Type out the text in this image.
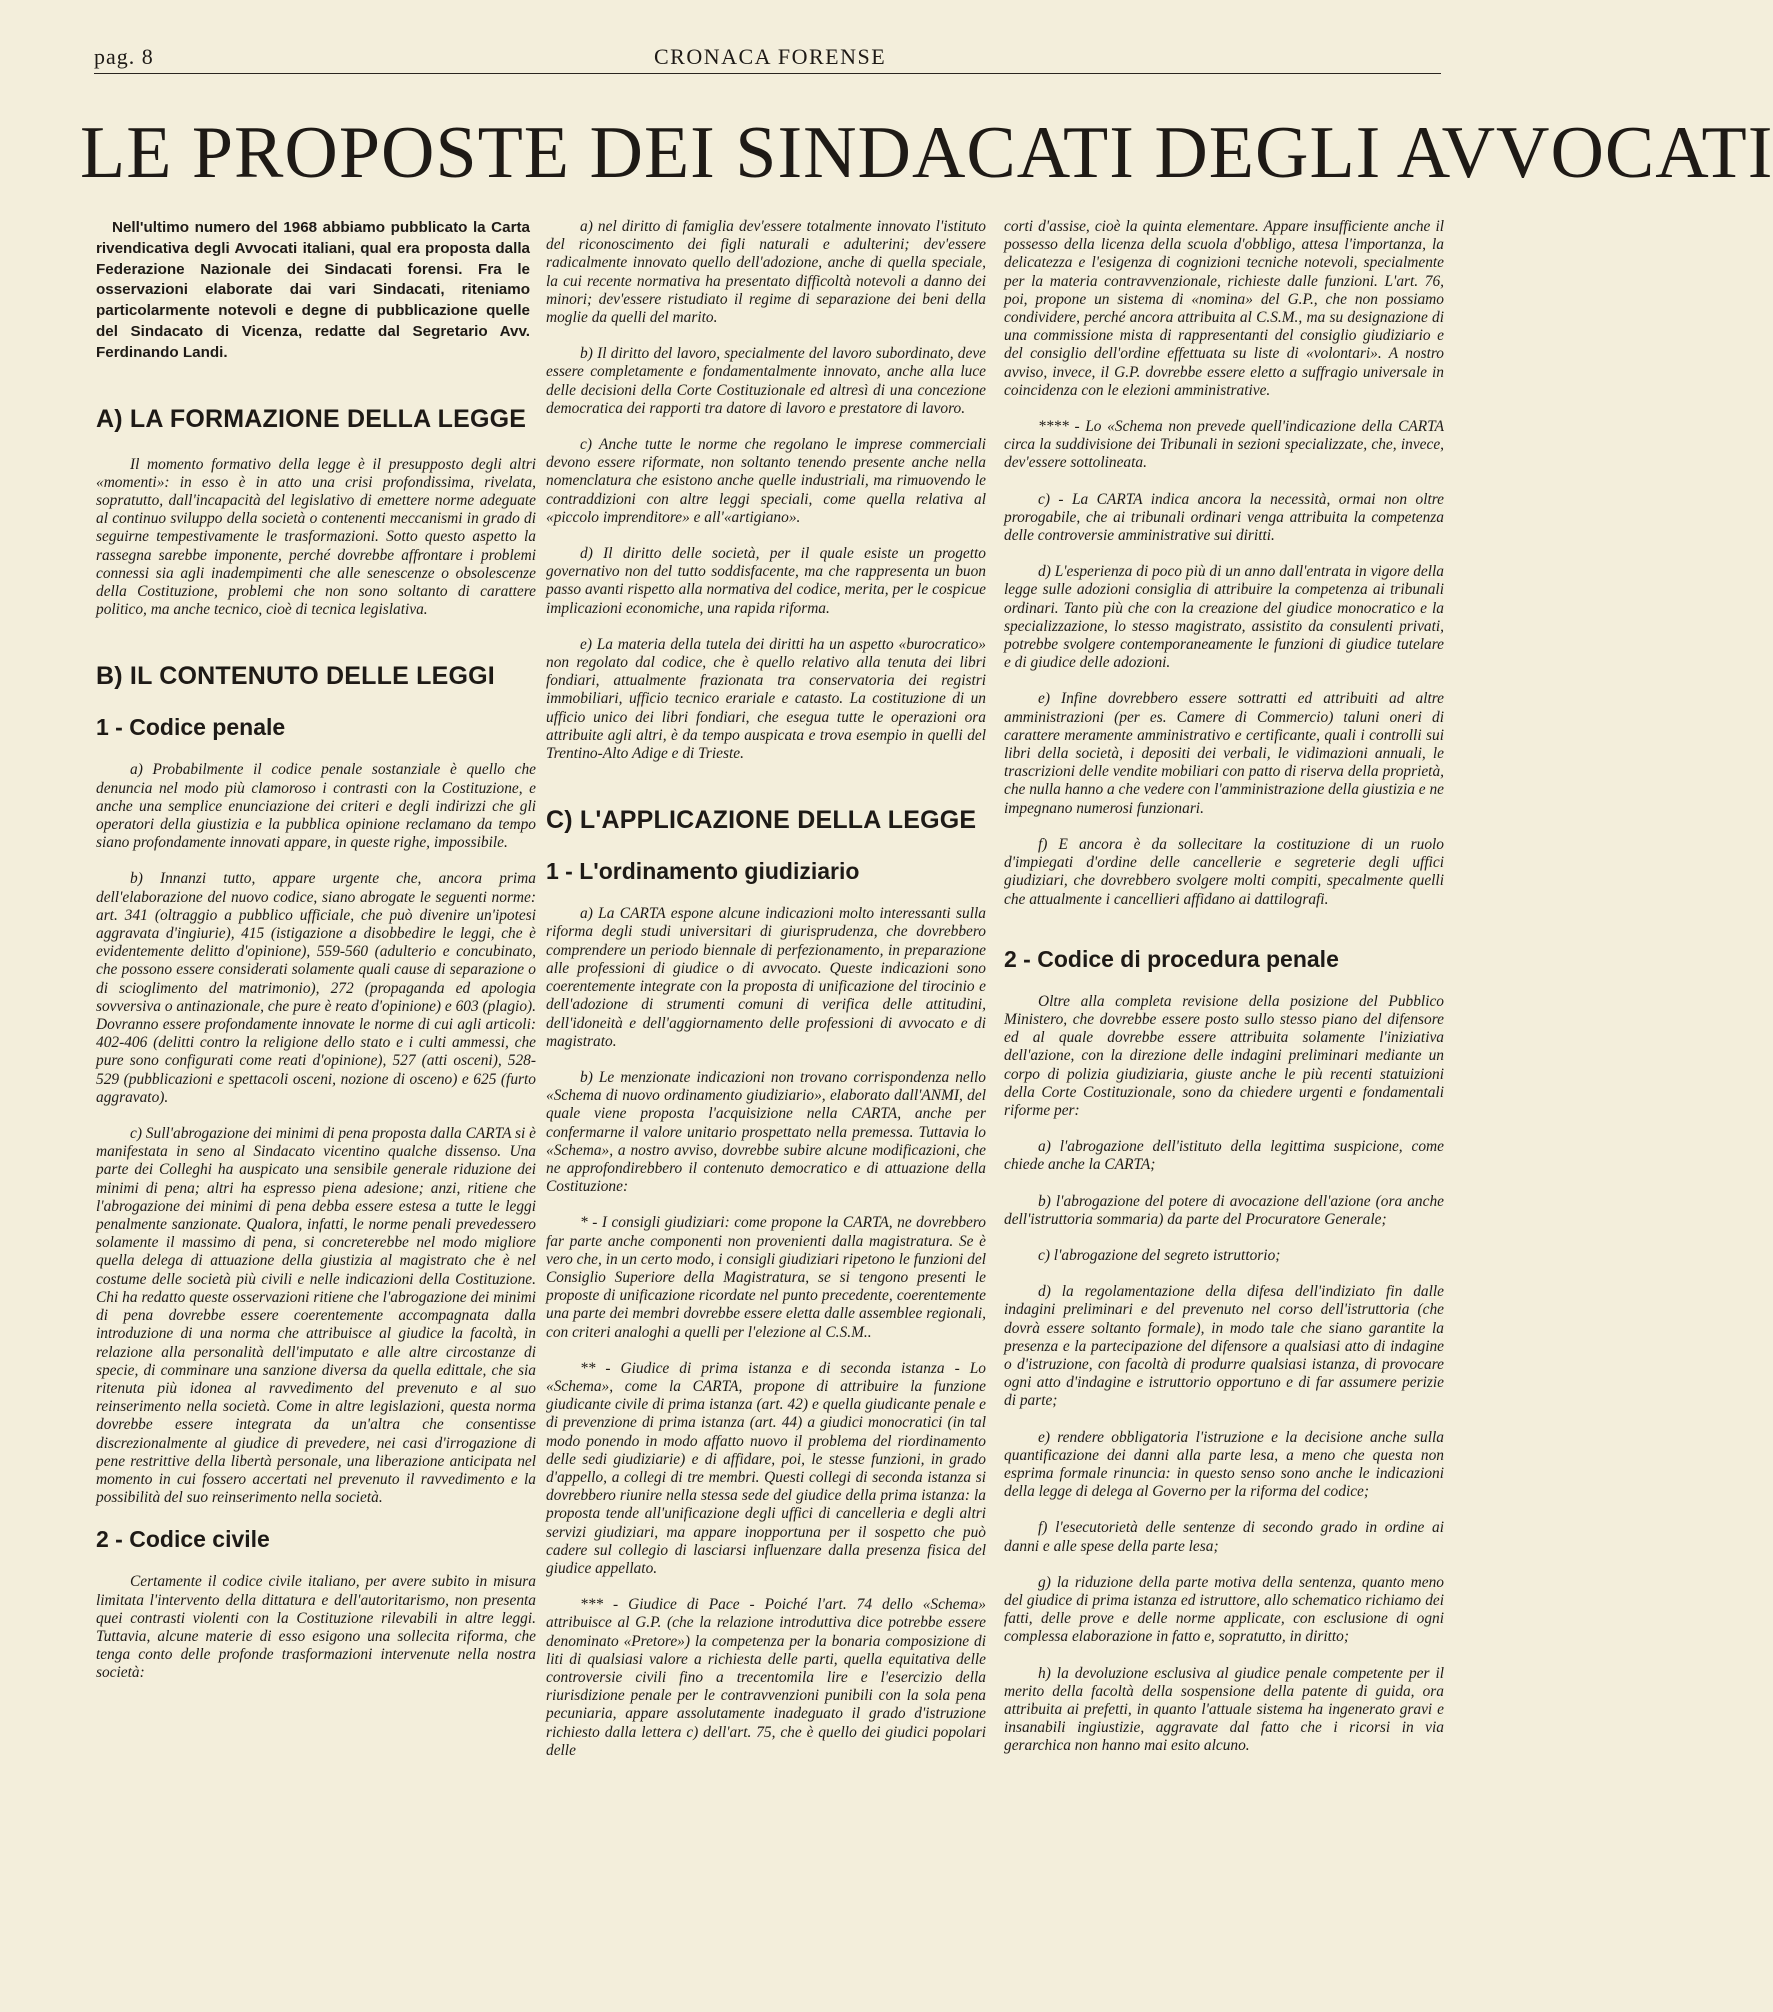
pag. 8	CRONACA FORENSE
LE PROPOSTE DEI SINDACATI DEGLI AVVOCATI

Nell'ultimo numero del 1968 abbiamo pubblicato la Carta rivendicativa degli Avvocati italiani, qual era proposta dalla Federazione Nazionale dei Sindacati forensi. Fra le osservazioni elaborate dai vari Sindacati, riteniamo particolarmente notevoli e degne di pubblicazione quelle del Sindacato di Vicenza, redatte dal Segretario Avv. Ferdinando Landi.

A) LA FORMAZIONE DELLA LEGGE

Il momento formativo della legge è il presupposto degli altri «momenti»: in esso è in atto una crisi profondissima, rivelata, sopratutto, dall'incapacità del legislativo di emettere norme adeguate al continuo sviluppo della società o contenenti meccanismi in grado di seguirne tempestivamente le trasformazioni. Sotto questo aspetto la rassegna sarebbe imponente, perché dovrebbe affrontare i problemi connessi sia agli inadempimenti che alle senescenze o obsolescenze della Costituzione, problemi che non sono soltanto di carattere politico, ma anche tecnico, cioè di tecnica legislativa.

B) IL CONTENUTO DELLE LEGGI
1 - Codice penale

a) Probabilmente il codice penale sostanziale è quello che denuncia nel modo più clamoroso i contrasti con la Costituzione, e anche una semplice enunciazione dei criteri e degli indirizzi che gli operatori della giustizia e la pubblica opinione reclamano da tempo siano profondamente innovati appare, in queste righe, impossibile.

b) Innanzi tutto, appare urgente che, ancora prima dell'elaborazione del nuovo codice, siano abrogate le seguenti norme: art. 341 (oltraggio a pubblico ufficiale, che può divenire un'ipotesi aggravata d'ingiurie), 415 (istigazione a disobbedire le leggi, che è evidentemente delitto d'opinione), 559-560 (adulterio e concubinato, che possono essere considerati solamente quali cause di separazione o di scioglimento del matrimonio), 272 (propaganda ed apologia sovversiva o antinazionale, che pure è reato d'opinione) e 603 (plagio). Dovranno essere profondamente innovate le norme di cui agli articoli: 402-406 (delitti contro la religione dello stato e i culti ammessi, che pure sono configurati come reati d'opinione), 527 (atti osceni), 528-529 (pubblicazioni e spettacoli osceni, nozione di osceno) e 625 (furto aggravato).

c) Sull'abrogazione dei minimi di pena proposta dalla CARTA si è manifestata in seno al Sindacato vicentino qualche dissenso. Una parte dei Colleghi ha auspicato una sensibile generale riduzione dei minimi di pena; altri ha espresso piena adesione; anzi, ritiene che l'abrogazione dei minimi di pena debba essere estesa a tutte le leggi penalmente sanzionate. Qualora, infatti, le norme penali prevedessero solamente il massimo di pena, si concreterebbe nel modo migliore quella delega di attuazione della giustizia al magistrato che è nel costume delle società più civili e nelle indicazioni della Costituzione. Chi ha redatto queste osservazioni ritiene che l'abrogazione dei minimi di pena dovrebbe essere coerentemente accompagnata dalla introduzione di una norma che attribuisce al giudice la facoltà, in relazione alla personalità dell'imputato e alle altre circostanze di specie, di comminare una sanzione diversa da quella edittale, che sia ritenuta più idonea al ravvedimento del prevenuto e al suo reinserimento nella società. Come in altre legislazioni, questa norma dovrebbe essere integrata da un'altra che consentisse discrezionalmente al giudice di prevedere, nei casi d'irrogazione di pene restrittive della libertà personale, una liberazione anticipata nel momento in cui fossero accertati nel prevenuto il ravvedimento e la possibilità del suo reinserimento nella società.

2 - Codice civile

Certamente il codice civile italiano, per avere subito in misura limitata l'intervento della dittatura e dell'autoritarismo, non presenta quei contrasti violenti con la Costituzione rilevabili in altre leggi. Tuttavia, alcune materie di esso esigono una sollecita riforma, che tenga conto delle profonde trasformazioni intervenute nella nostra società:

a) nel diritto di famiglia dev'essere totalmente innovato l'istituto del riconoscimento dei figli naturali e adulterini; dev'essere radicalmente innovato quello dell'adozione, anche di quella speciale, la cui recente normativa ha presentato difficoltà notevoli a danno dei minori; dev'essere ristudiato il regime di separazione dei beni della moglie da quelli del marito.

b) Il diritto del lavoro, specialmente del lavoro subordinato, deve essere completamente e fondamentalmente innovato, anche alla luce delle decisioni della Corte Costituzionale ed altresì di una concezione democratica dei rapporti tra datore di lavoro e prestatore di lavoro.

c) Anche tutte le norme che regolano le imprese commerciali devono essere riformate, non soltanto tenendo presente anche nella nomenclatura che esistono anche quelle industriali, ma rimuovendo le contraddizioni con altre leggi speciali, come quella relativa al «piccolo imprenditore» e all'«artigiano».

d) Il diritto delle società, per il quale esiste un progetto governativo non del tutto soddisfacente, ma che rappresenta un buon passo avanti rispetto alla normativa del codice, merita, per le cospicue implicazioni economiche, una rapida riforma.

e) La materia della tutela dei diritti ha un aspetto «burocratico» non regolato dal codice, che è quello relativo alla tenuta dei libri fondiari, attualmente frazionata tra conservatoria dei registri immobiliari, ufficio tecnico erariale e catasto. La costituzione di un ufficio unico dei libri fondiari, che esegua tutte le operazioni ora attribuite agli altri, è da tempo auspicata e trova esempio in quelli del Trentino-Alto Adige e di Trieste.

C) L'APPLICAZIONE DELLA LEGGE
1 - L'ordinamento giudiziario

a) La CARTA espone alcune indicazioni molto interessanti sulla riforma degli studi universitari di giurisprudenza, che dovrebbero comprendere un periodo biennale di perfezionamento, in preparazione alle professioni di giudice o di avvocato. Queste indicazioni sono coerentemente integrate con la proposta di unificazione del tirocinio e dell'adozione di strumenti comuni di verifica delle attitudini, dell'idoneità e dell'aggiornamento delle professioni di avvocato e di magistrato.

b) Le menzionate indicazioni non trovano corrispondenza nello «Schema di nuovo ordinamento giudiziario», elaborato dall'ANMI, del quale viene proposta l'acquisizione nella CARTA, anche per confermarne il valore unitario prospettato nella premessa. Tuttavia lo «Schema», a nostro avviso, dovrebbe subire alcune modificazioni, che ne approfondirebbero il contenuto democratico e di attuazione della Costituzione:

* - I consigli giudiziari: come propone la CARTA, ne dovrebbero far parte anche componenti non provenienti dalla magistratura. Se è vero che, in un certo modo, i consigli giudiziari ripetono le funzioni del Consiglio Superiore della Magistratura, se si tengono presenti le proposte di unificazione ricordate nel punto precedente, coerentemente una parte dei membri dovrebbe essere eletta dalle assemblee regionali, con criteri analoghi a quelli per l'elezione al C.S.M..

** - Giudice di prima istanza e di seconda istanza - Lo «Schema», come la CARTA, propone di attribuire la funzione giudicante civile di prima istanza (art. 42) e quella giudicante penale e di prevenzione di prima istanza (art. 44) a giudici monocratici (in tal modo ponendo in modo affatto nuovo il problema del riordinamento delle sedi giudiziarie) e di affidare, poi, le stesse funzioni, in grado d'appello, a collegi di tre membri. Questi collegi di seconda istanza si dovrebbero riunire nella stessa sede del giudice della prima istanza: la proposta tende all'unificazione degli uffici di cancelleria e degli altri servizi giudiziari, ma appare inopportuna per il sospetto che può cadere sul collegio di lasciarsi influenzare dalla presenza fisica del giudice appellato.

*** - Giudice di Pace - Poiché l'art. 74 dello «Schema» attribuisce al G.P. (che la relazione introduttiva dice potrebbe essere denominato «Pretore») la competenza per la bonaria composizione di liti di qualsiasi valore a richiesta delle parti, quella equitativa delle controversie civili fino a trecentomila lire e l'esercizio della riurisdizione penale per le contravvenzioni punibili con la sola pena pecuniaria, appare assolutamente inadeguato il grado d'istruzione richiesto dalla lettera c) dell'art. 75, che è quello dei giudici popolari delle

corti d'assise, cioè la quinta elementare. Appare insufficiente anche il possesso della licenza della scuola d'obbligo, attesa l'importanza, la delicatezza e l'esigenza di cognizioni tecniche notevoli, specialmente per la materia contravvenzionale, richieste dalle funzioni. L'art. 76, poi, propone un sistema di «nomina» del G.P., che non possiamo condividere, perché ancora attribuita al C.S.M., ma su designazione di una commissione mista di rappresentanti del consiglio giudiziario e del consiglio dell'ordine effettuata su liste di «volontari». A nostro avviso, invece, il G.P. dovrebbe essere eletto a suffragio universale in coincidenza con le elezioni amministrative.

**** - Lo «Schema non prevede quell'indicazione della CARTA circa la suddivisione dei Tribunali in sezioni specializzate, che, invece, dev'essere sottolineata.

c) - La CARTA indica ancora la necessità, ormai non oltre prorogabile, che ai tribunali ordinari venga attribuita la competenza delle controversie amministrative sui diritti.

d) L'esperienza di poco più di un anno dall'entrata in vigore della legge sulle adozioni consiglia di attribuire la competenza ai tribunali ordinari. Tanto più che con la creazione del giudice monocratico e la specializzazione, lo stesso magistrato, assistito da consulenti privati, potrebbe svolgere contemporaneamente le funzioni di giudice tutelare e di giudice delle adozioni.

e) Infine dovrebbero essere sottratti ed attribuiti ad altre amministrazioni (per es. Camere di Commercio) taluni oneri di carattere meramente amministrativo e certificante, quali i controlli sui libri della società, i depositi dei verbali, le vidimazioni annuali, le trascrizioni delle vendite mobiliari con patto di riserva della proprietà, che nulla hanno a che vedere con l'amministrazione della giustizia e ne impegnano numerosi funzionari.

f) E ancora è da sollecitare la costituzione di un ruolo d'impiegati d'ordine delle cancellerie e segreterie degli uffici giudiziari, che dovrebbero svolgere molti compiti, specalmente quelli che attualmente i cancellieri affidano ai dattilografi.

2 - Codice di procedura penale

Oltre alla completa revisione della posizione del Pubblico Ministero, che dovrebbe essere posto sullo stesso piano del difensore ed al quale dovrebbe essere attribuita solamente l'iniziativa dell'azione, con la direzione delle indagini preliminari mediante un corpo di polizia giudiziaria, giuste anche le più recenti statuizioni della Corte Costituzionale, sono da chiedere urgenti e fondamentali riforme per:

a) l'abrogazione dell'istituto della legittima suspicione, come chiede anche la CARTA;

b) l'abrogazione del potere di avocazione dell'azione (ora anche dell'istruttoria sommaria) da parte del Procuratore Generale;

c) l'abrogazione del segreto istruttorio;

d) la regolamentazione della difesa dell'indiziato fin dalle indagini preliminari e del prevenuto nel corso dell'istruttoria (che dovrà essere soltanto formale), in modo tale che siano garantite la presenza e la partecipazione del difensore a qualsiasi atto di indagine o d'istruzione, con facoltà di produrre qualsiasi istanza, di provocare ogni atto d'indagine e istruttorio opportuno e di far assumere perizie di parte;

e) rendere obbligatoria l'istruzione e la decisione anche sulla quantificazione dei danni alla parte lesa, a meno che questa non esprima formale rinuncia: in questo senso sono anche le indicazioni della legge di delega al Governo per la riforma del codice;

f) l'esecutorietà delle sentenze di secondo grado in ordine ai danni e alle spese della parte lesa;

g) la riduzione della parte motiva della sentenza, quanto meno del giudice di prima istanza ed istruttore, allo schematico richiamo dei fatti, delle prove e delle norme applicate, con esclusione di ogni complessa elaborazione in fatto e, sopratutto, in diritto;

h) la devoluzione esclusiva al giudice penale competente per il merito della facoltà della sospensione della patente di guida, ora attribuita ai prefetti, in quanto l'attuale sistema ha ingenerato gravi e insanabili ingiustizie, aggravate dal fatto che i ricorsi in via gerarchica non hanno mai esito alcuno.
